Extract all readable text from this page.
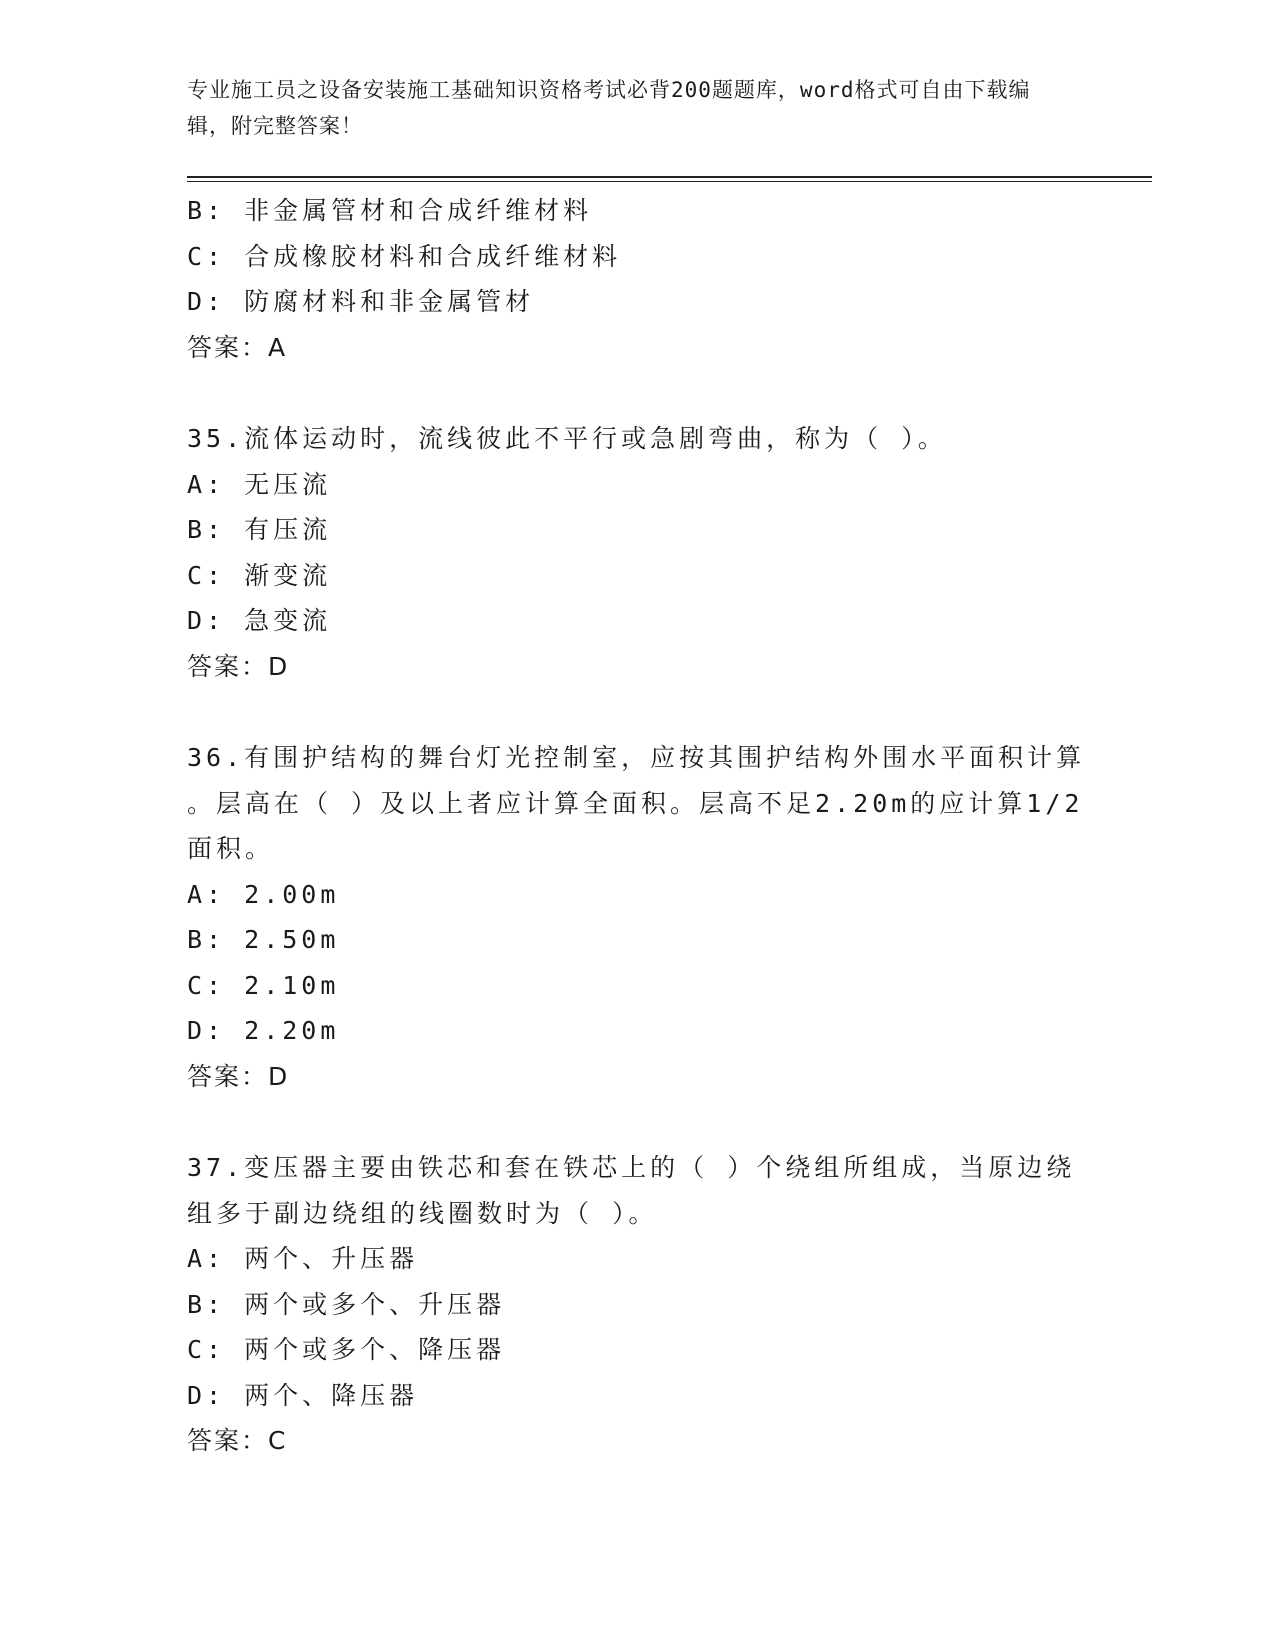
专业施工员之设备安装施工基础知识资格考试必背200题题库，word格式可自由下载编辑，附完整答案！
B: 非金属管材和合成纤维材料
C: 合成橡胶材料和合成纤维材料
D: 防腐材料和非金属管材
答案：A
35.流体运动时，流线彼此不平行或急剧弯曲，称为（ ）。
A: 无压流
B: 有压流
C: 渐变流
D: 急变流
答案：D
36.有围护结构的舞台灯光控制室，应按其围护结构外围水平面积计算
。层高在（ ）及以上者应计算全面积。层高不足2.20m的应计算1/2
面积。
A: 2.00m
B: 2.50m
C: 2.10m
D: 2.20m
答案：D
37.变压器主要由铁芯和套在铁芯上的（ ）个绕组所组成，当原边绕
组多于副边绕组的线圈数时为（ ）。
A: 两个、升压器
B: 两个或多个、升压器
C: 两个或多个、降压器
D: 两个、降压器
答案：C
